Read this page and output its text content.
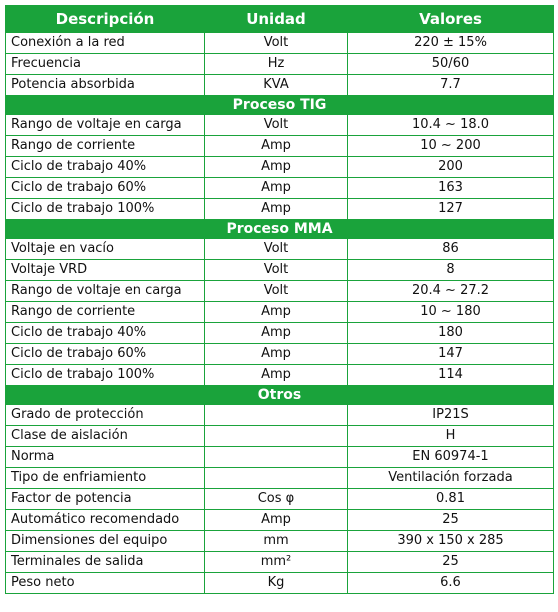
Descripción	Unidad	Valores
Conexión a la red	Volt	220 ± 15%
Frecuencia	Hz	50/60
Potencia absorbida	KVA	7.7
Proceso TIG		
Rango de voltaje en carga	Volt	10.4 ~ 18.0
Rango de corriente	Amp	10 ~ 200
Ciclo de trabajo 40%	Amp	200
Ciclo de trabajo 60%	Amp	163
Ciclo de trabajo 100%	Amp	127
Proceso MMA		
Voltaje en vacío	Volt	86
Voltaje VRD	Volt	8
Rango de voltaje en carga	Volt	20.4 ~ 27.2
Rango de corriente	Amp	10 ~ 180
Ciclo de trabajo 40%	Amp	180
Ciclo de trabajo 60%	Amp	147
Ciclo de trabajo 100%	Amp	114
Otros		
Grado de protección		IP21S
Clase de aislación		H
Norma		EN 60974-1
Tipo de enfriamiento		Ventilación forzada
Factor de potencia	Cos φ	0.81
Automático recomendado	Amp	25
Dimensiones del equipo	mm	390 x 150 x 285
Terminales de salida	mm²	25
Peso neto	Kg	6.6
